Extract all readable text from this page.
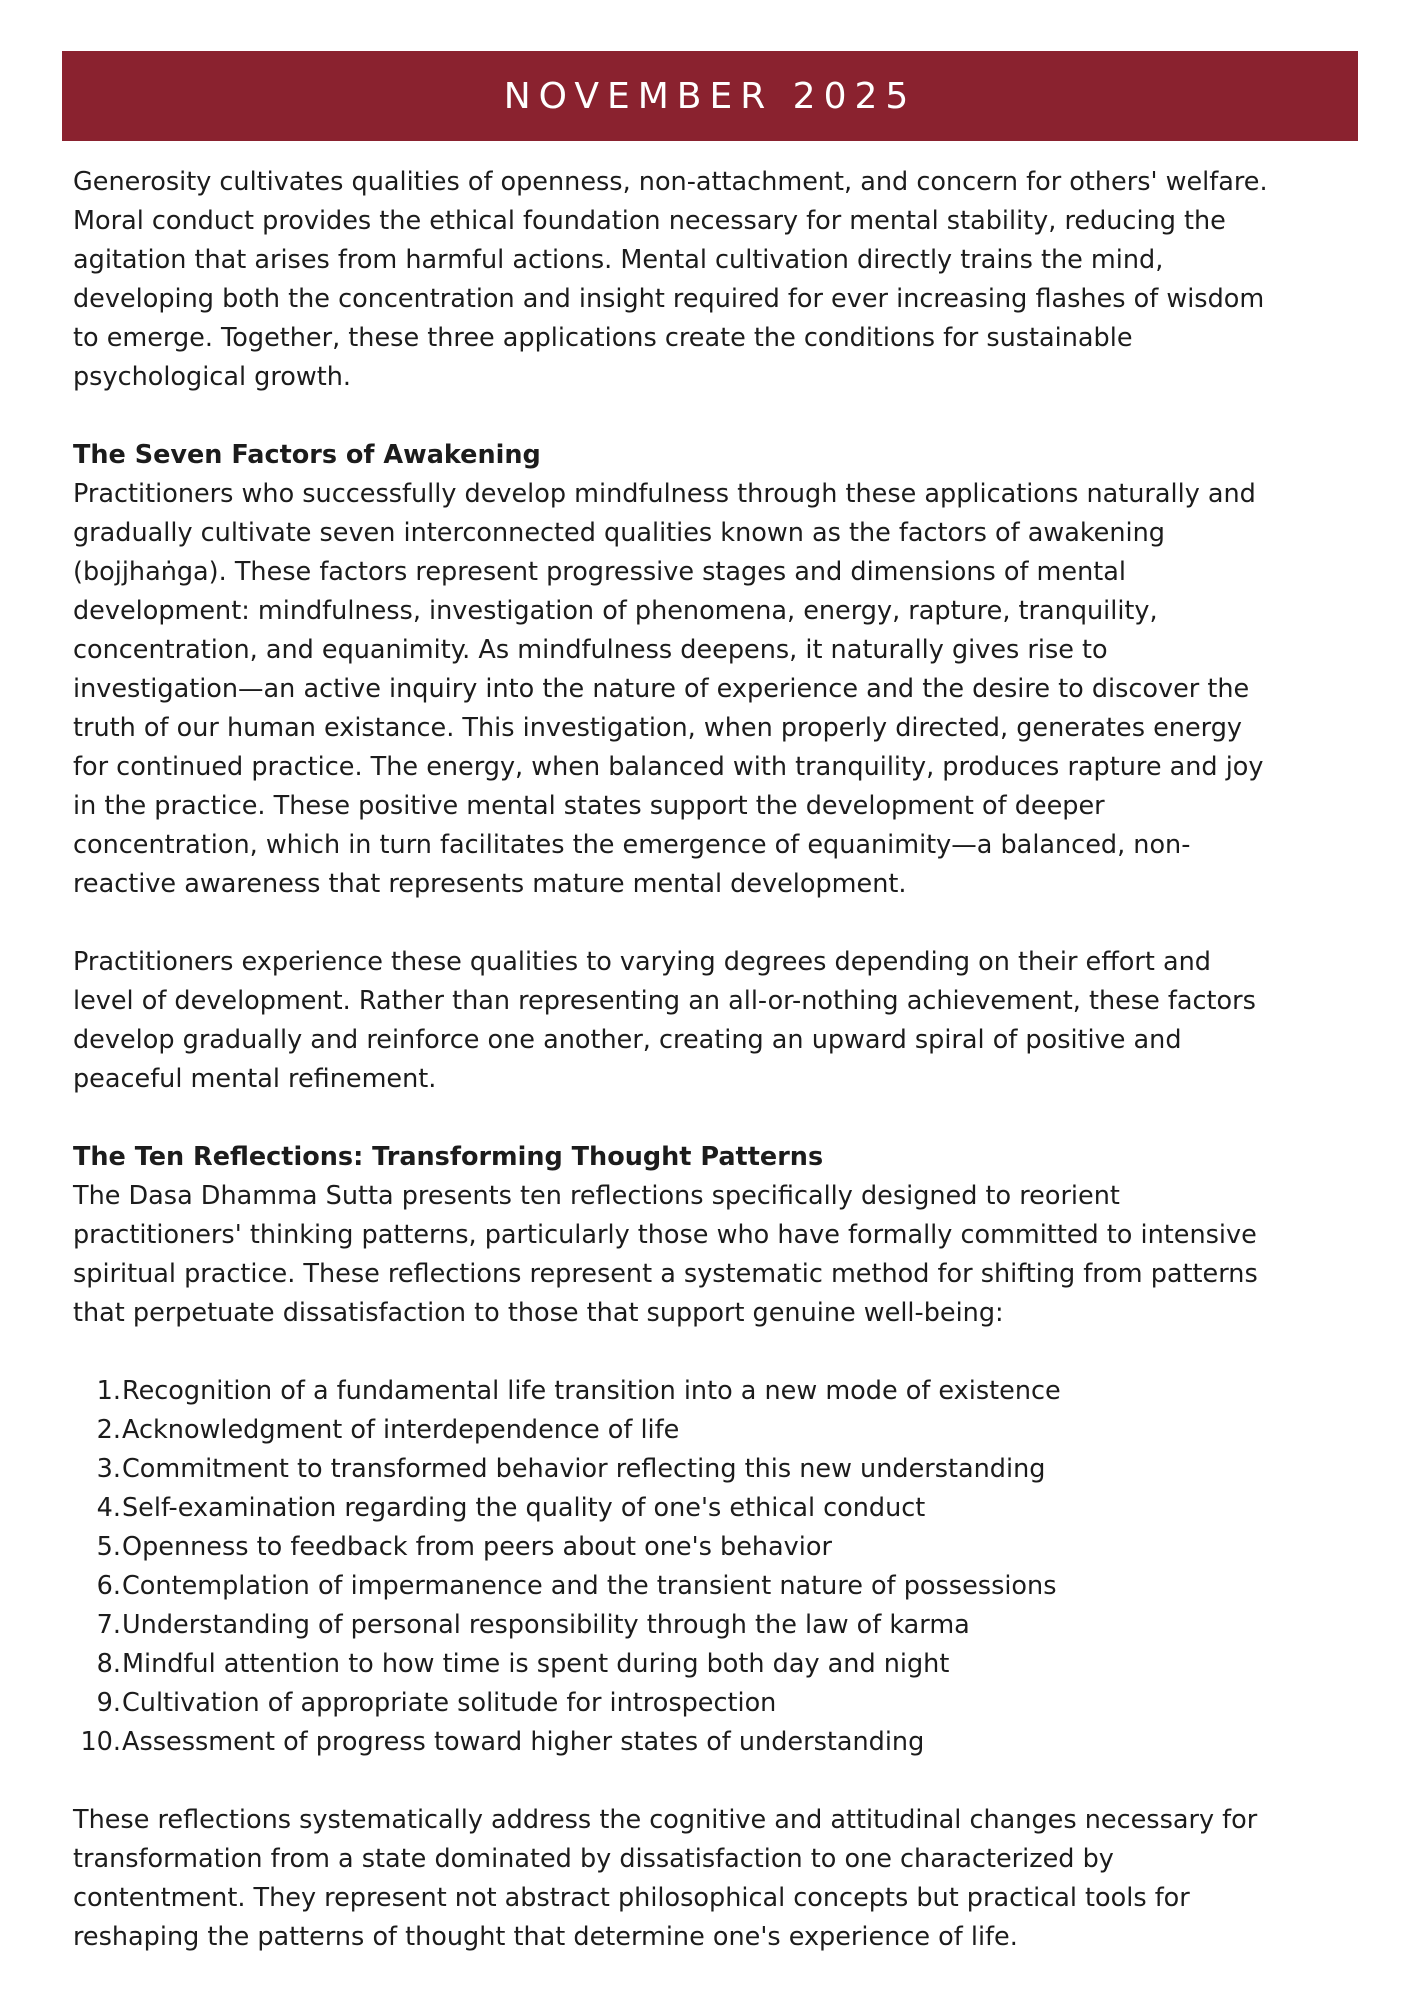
NOVEMBER 2025

Generosity cultivates qualities of openness, non-attachment, and concern for others' welfare.

Moral conduct provides the ethical foundation necessary for mental stability, reducing the

agitation that arises from harmful actions. Mental cultivation directly trains the mind,

developing both the concentration and insight required for ever increasing flashes of wisdom

to emerge. Together, these three applications create the conditions for sustainable

psychological growth.

The Seven Factors of Awakening

Practitioners who successfully develop mindfulness through these applications naturally and

gradually cultivate seven interconnected qualities known as the factors of awakening

(bojjhaṅga). These factors represent progressive stages and dimensions of mental

development: mindfulness, investigation of phenomena, energy, rapture, tranquility,

concentration, and equanimity. As mindfulness deepens, it naturally gives rise to

investigation—an active inquiry into the nature of experience and the desire to discover the

truth of our human existance. This investigation, when properly directed, generates energy

for continued practice. The energy, when balanced with tranquility, produces rapture and joy

in the practice. These positive mental states support the development of deeper

concentration, which in turn facilitates the emergence of equanimity—a balanced, non-

reactive awareness that represents mature mental development.

Practitioners experience these qualities to varying degrees depending on their effort and

level of development. Rather than representing an all-or-nothing achievement, these factors

develop gradually and reinforce one another, creating an upward spiral of positive and

peaceful mental refinement.

The Ten Reflections: Transforming Thought Patterns

The Dasa Dhamma Sutta presents ten reflections specifically designed to reorient

practitioners' thinking patterns, particularly those who have formally committed to intensive

spiritual practice. These reflections represent a systematic method for shifting from patterns

that perpetuate dissatisfaction to those that support genuine well-being:

1. Recognition of a fundamental life transition into a new mode of existence
2. Acknowledgment of interdependence of life
3. Commitment to transformed behavior reflecting this new understanding
4. Self-examination regarding the quality of one's ethical conduct
5. Openness to feedback from peers about one's behavior
6. Contemplation of impermanence and the transient nature of possessions
7. Understanding of personal responsibility through the law of karma
8. Mindful attention to how time is spent during both day and night
9. Cultivation of appropriate solitude for introspection
10. Assessment of progress toward higher states of understanding

These reflections systematically address the cognitive and attitudinal changes necessary for

transformation from a state dominated by dissatisfaction to one characterized by

contentment. They represent not abstract philosophical concepts but practical tools for

reshaping the patterns of thought that determine one's experience of life.
